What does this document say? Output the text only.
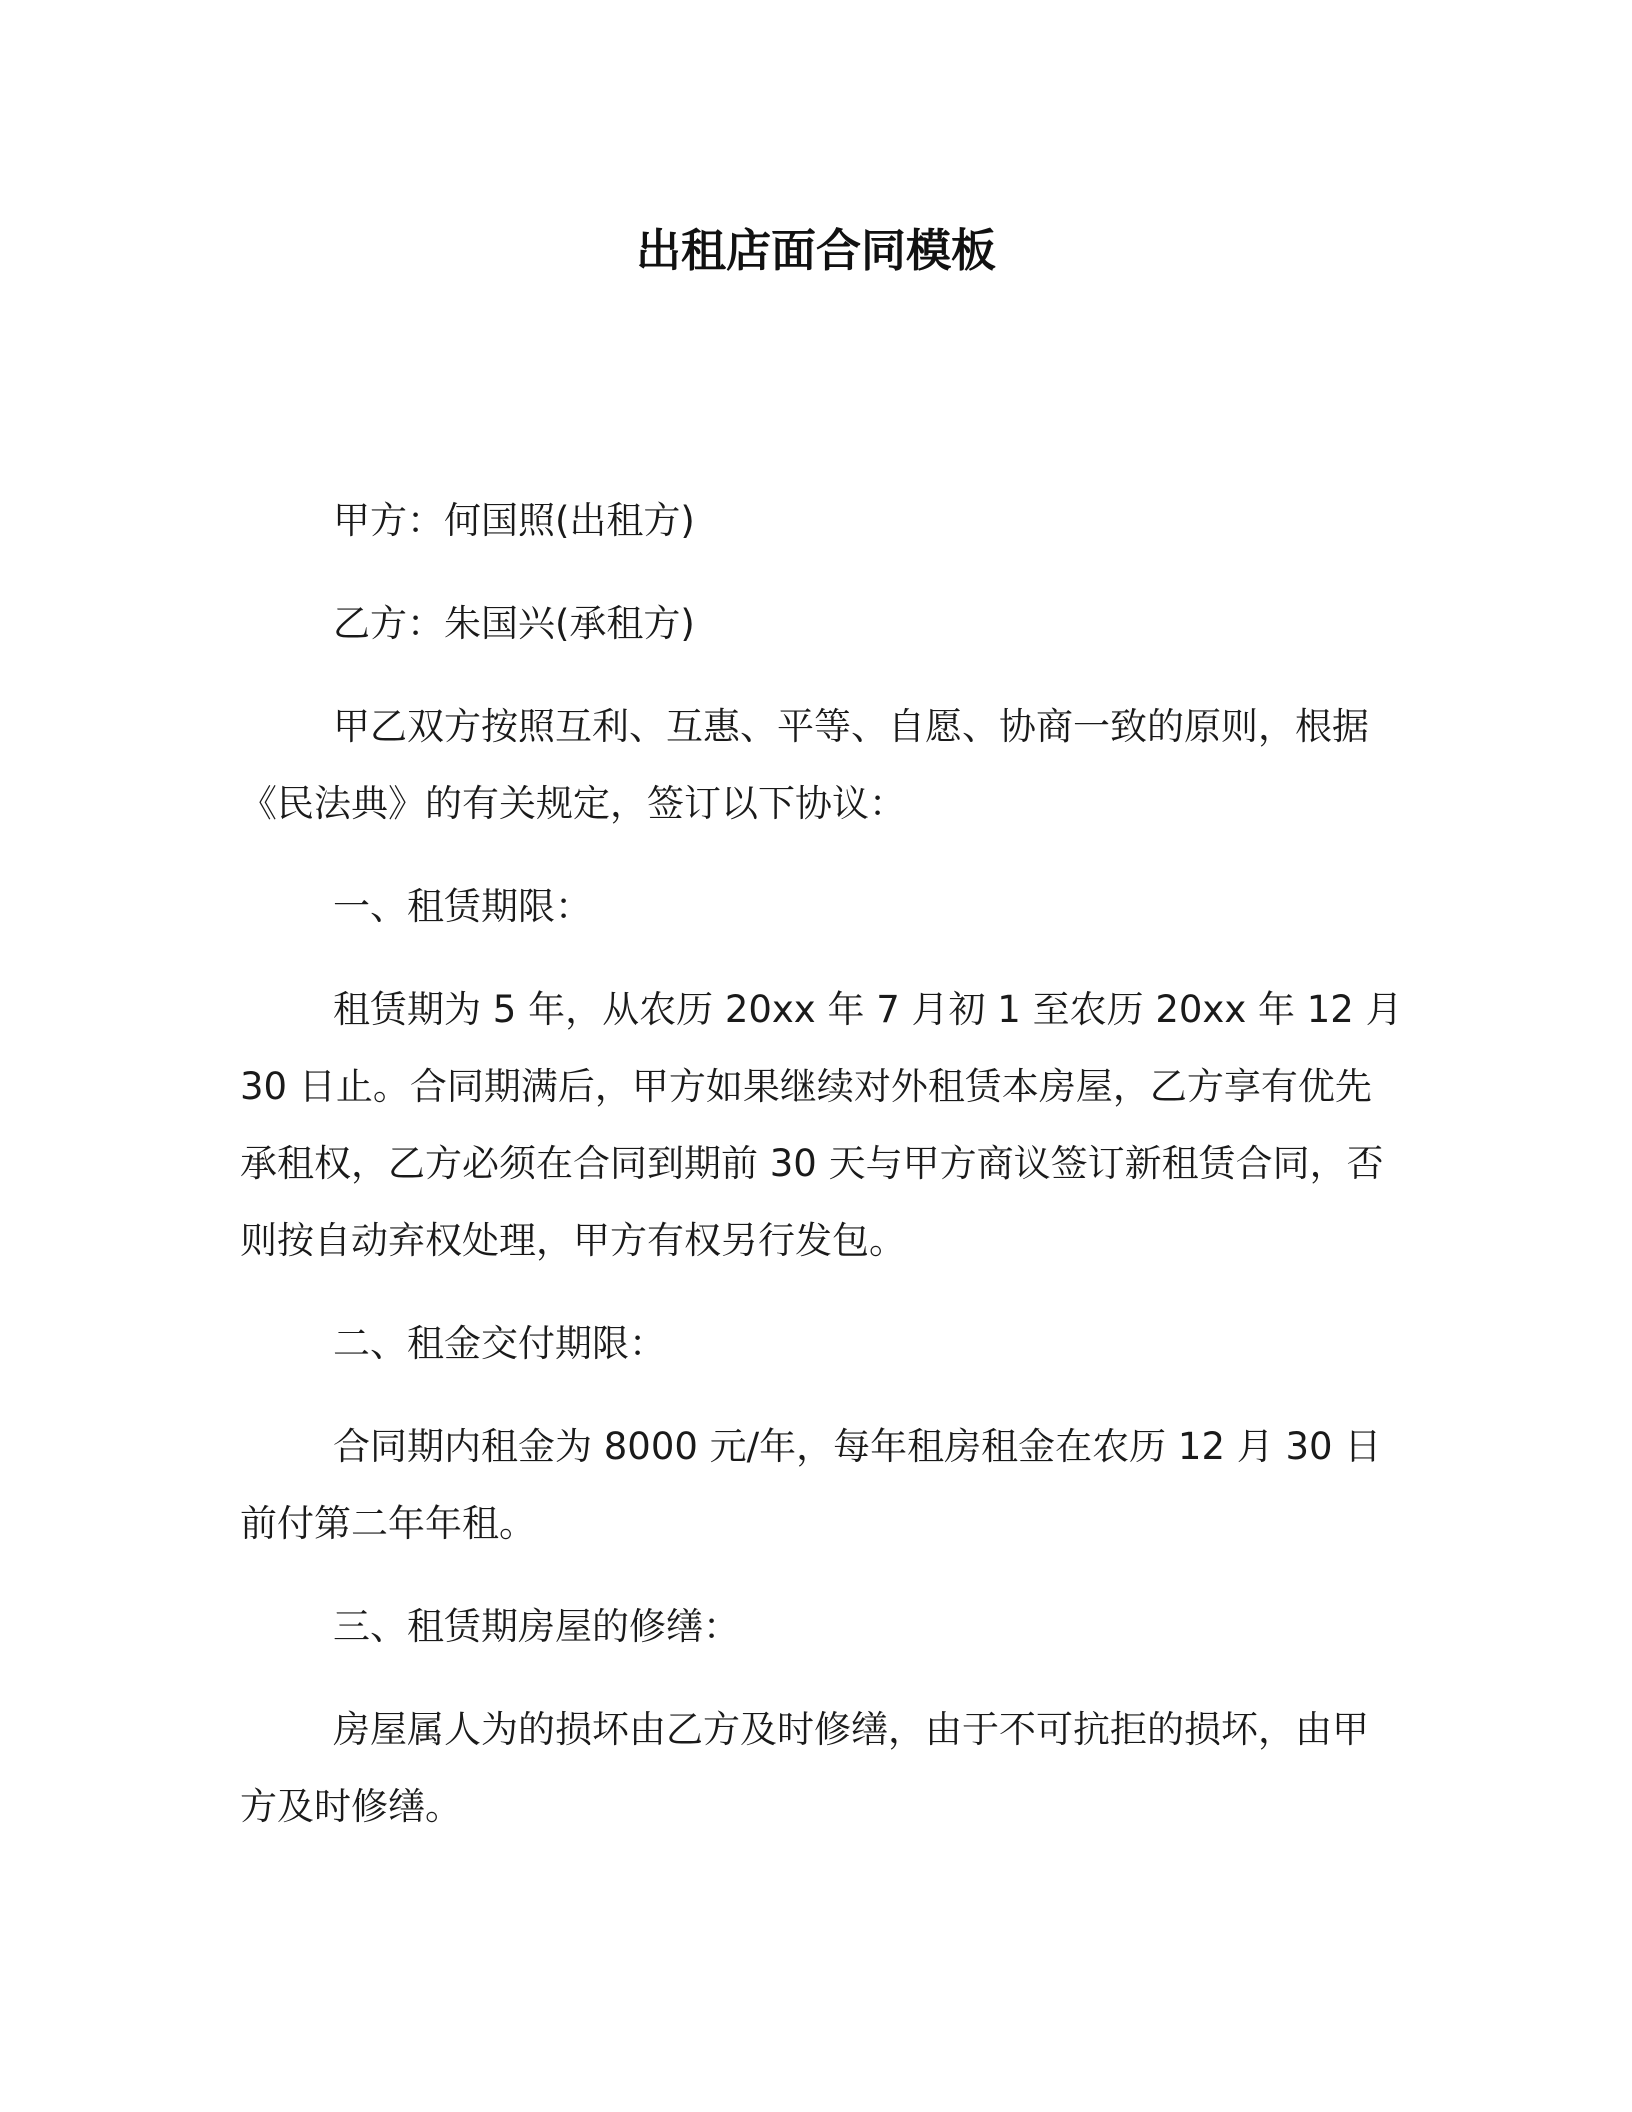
出租店面合同模板

甲方：何国照(出租方)

乙方：朱国兴(承租方)

甲乙双方按照互利、互惠、平等、自愿、协商一致的原则，根据
《民法典》的有关规定，签订以下协议：

一、租赁期限：

租赁期为 5 年，从农历 20xx 年 7 月初 1 至农历 20xx 年 12 月
30 日止。合同期满后，甲方如果继续对外租赁本房屋，乙方享有优先
承租权，乙方必须在合同到期前 30 天与甲方商议签订新租赁合同，否
则按自动弃权处理，甲方有权另行发包。

二、租金交付期限：

合同期内租金为 8000 元/年，每年租房租金在农历 12 月 30 日
前付第二年年租。

三、租赁期房屋的修缮：

房屋属人为的损坏由乙方及时修缮，由于不可抗拒的损坏，由甲
方及时修缮。
